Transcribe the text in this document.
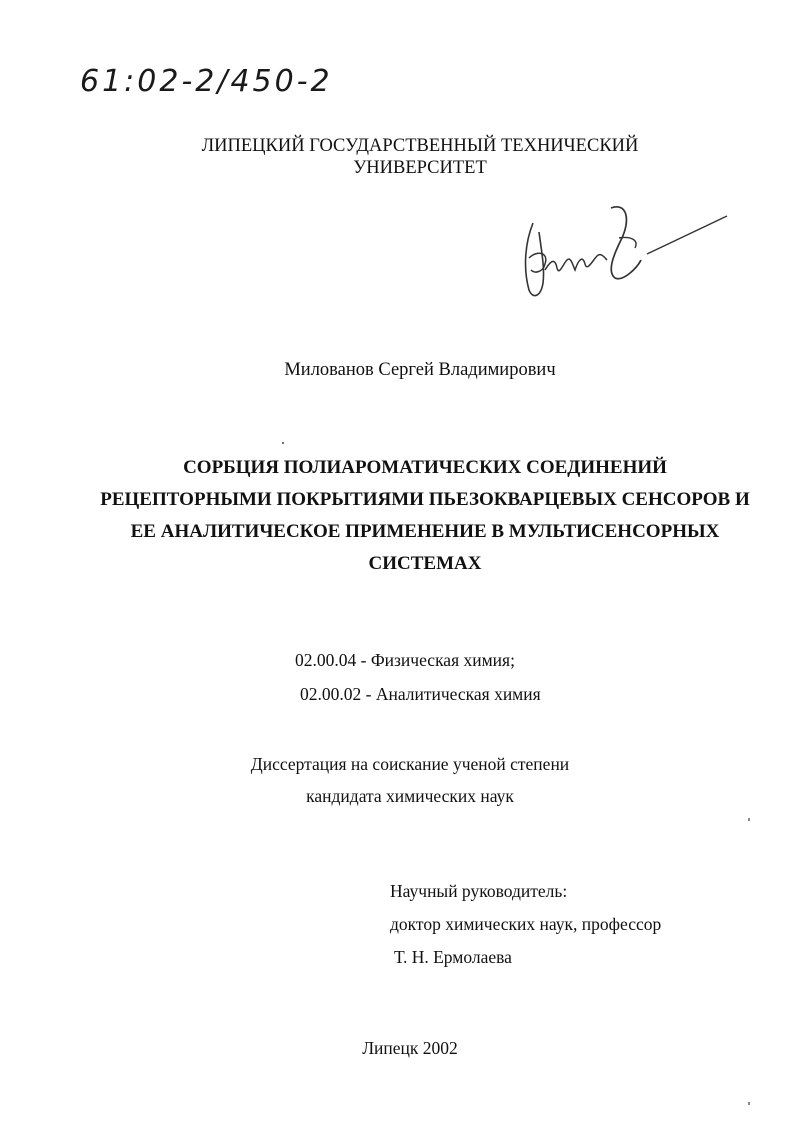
61:02-2/450-2
ЛИПЕЦКИЙ ГОСУДАРСТВЕННЫЙ ТЕХНИЧЕСКИЙ
УНИВЕРСИТЕТ
Милова
Милованов Сергей Владимирович
СОРБЦИЯ ПОЛИАРОМАТИЧЕСКИХ СОЕДИНЕНИЙ
РЕЦЕПТОРНЫМИ ПОКРЫТИЯМИ ПЬЕЗОКВАРЦЕВЫХ СЕНСОРОВ И
ЕЕ АНАЛИТИЧЕСКОЕ ПРИМЕНЕНИЕ В МУЛЬТИСЕНСОРНЫХ
СИСТЕМАХ
02.00.04 - Физическая химия;
02.00.02 - Аналитическая химия
Диссертация на соискание ученой степени
кандидата химических наук
Научный руководитель:
доктор химических наук, профессор
Т. Н. Ермолаева
Липецк 2002
